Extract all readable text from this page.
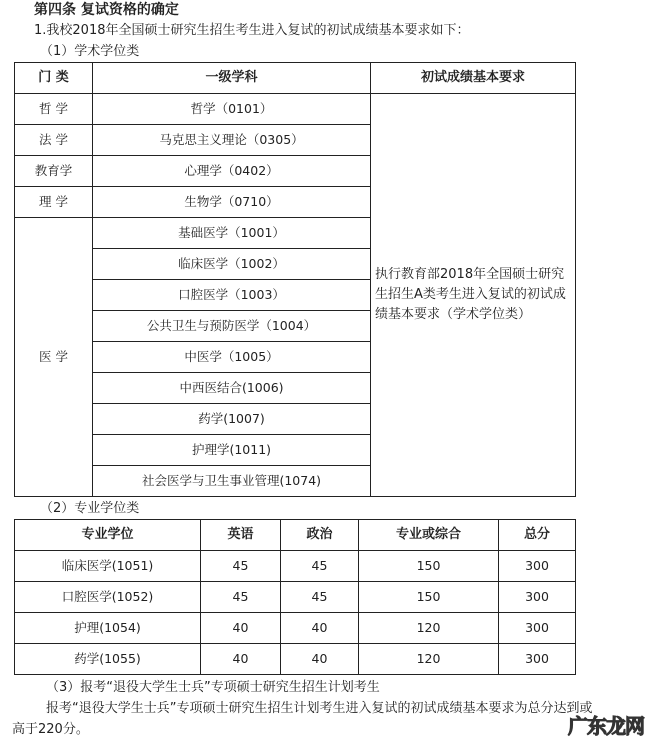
第四条 复试资格的确定
1.我校2018年全国硕士研究生招生考生进入复试的初试成绩基本要求如下：
（1）学术学位类
门 类	一级学科	初试成绩基本要求
哲 学	哲学（0101）	执行教育部2018年全国硕士研究生招生A类考生进入复试的初试成绩基本要求（学术学位类）
法 学	马克思主义理论（0305）	
教育学	心理学（0402）	
理 学	生物学（0710）	
医 学	基础医学（1001）	
	临床医学（1002）	
	口腔医学（1003）	
	公共卫生与预防医学（1004）	
	中医学（1005）	
	中西医结合(1006)	
	药学(1007)	
	护理学(1011)	
	社会医学与卫生事业管理(1074)	
（2）专业学位类
专业学位	英语	政治	专业或综合	总分
临床医学(1051)	45	45	150	300
口腔医学(1052)	45	45	150	300
护理(1054)	40	40	120	300
药学(1055)	40	40	120	300
（3）报考“退役大学生士兵”专项硕士研究生招生计划考生
报考“退役大学生士兵”专项硕士研究生招生计划考生进入复试的初试成绩基本要求为总分达到或
高于220分。	广东龙网
